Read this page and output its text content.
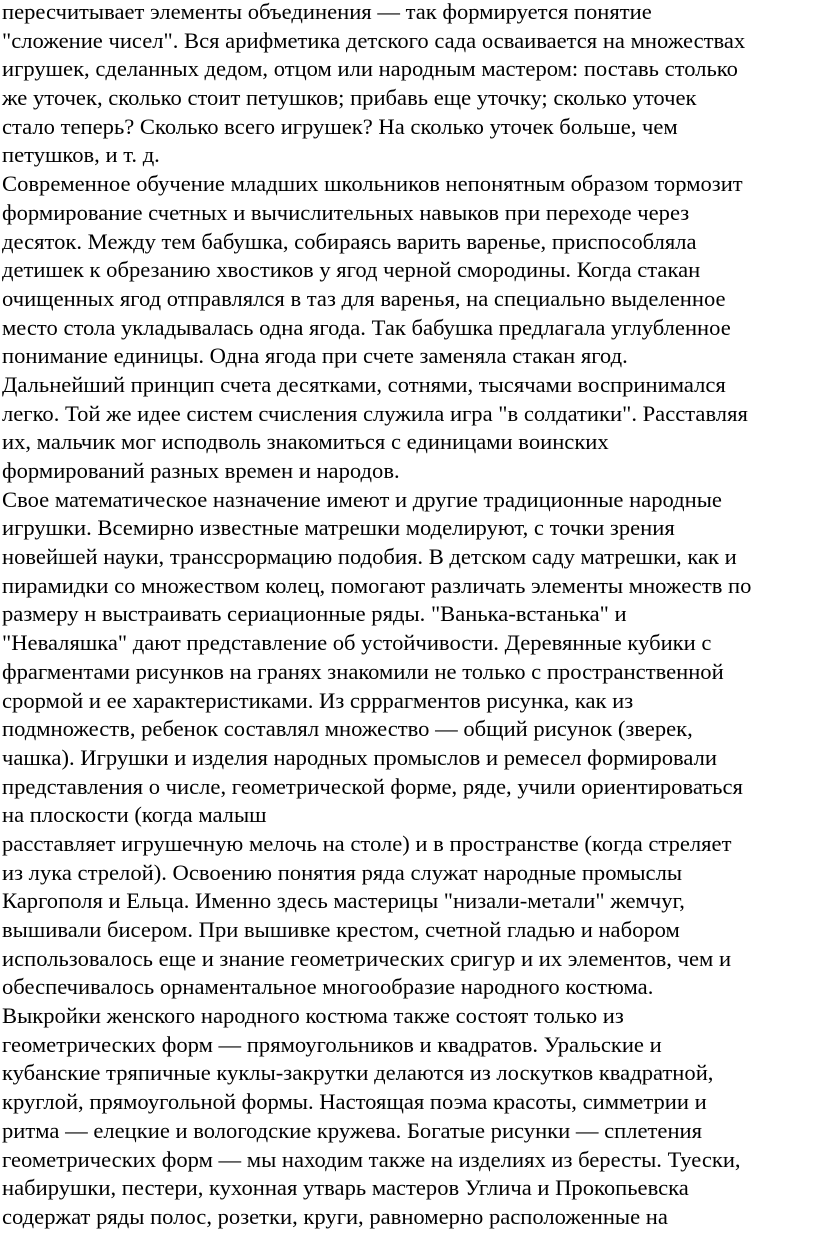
пересчитывает элементы объединения — так формируется понятие
"сложение чисел". Вся арифметика детского сада осваивается на множествах
игрушек, сделанных дедом, отцом или народным мастером: поставь столько
же уточек, сколько стоит петушков; прибавь еще уточку; сколько уточек
стало теперь? Сколько всего игрушек? На сколько уточек больше, чем
петушков, и т. д.
Современное обучение младших школьников непонятным образом тормозит
формирование счетных и вычислительных навыков при переходе через
десяток. Между тем бабушка, собираясь варить варенье, приспособляла
детишек к обрезанию хвостиков у ягод черной смородины. Когда стакан
очищенных ягод отправлялся в таз для варенья, на специально выделенное
место стола укладывалась одна ягода. Так бабушка предлагала углубленное
понимание единицы. Одна ягода при счете заменяла стакан ягод.
Дальнейший принцип счета десятками, сотнями, тысячами воспринимался
легко. Той же идее систем счисления служила игра "в солдатики". Расставляя
их, мальчик мог исподволь знакомиться с единицами воинских
формирований разных времен и народов.
Свое математическое назначение имеют и другие традиционные народные
игрушки. Всемирно известные матрешки моделируют, с точки зрения
новейшей науки, транссрормацию подобия. В детском саду матрешки, как и
пирамидки со множеством колец, помогают различать элементы множеств по
размеру н выстраивать сериационные ряды. "Ванька-встанька" и
"Неваляшка" дают представление об устойчивости. Деревянные кубики с
фрагментами рисунков на гранях знакомили не только с пространственной
срормой и ее характеристиками. Из срррагментов рисунка, как из
подмножеств, ребенок составлял множество — общий рисунок (зверек,
чашка). Игрушки и изделия народных промыслов и ремесел формировали
представления о числе, геометрической форме, ряде, учили ориентироваться
на плоскости (когда малыш
расставляет игрушечную мелочь на столе) и в пространстве (когда стреляет
из лука стрелой). Освоению понятия ряда служат народные промыслы
Каргополя и Ельца. Именно здесь мастерицы "низали-метали" жемчуг,
вышивали бисером. При вышивке крестом, счетной гладью и набором
использовалось еще и знание геометрических сригур и их элементов, чем и
обеспечивалось орнаментальное многообразие народного костюма.
Выкройки женского народного костюма также состоят только из
геометрических форм — прямоугольников и квадратов. Уральские и
кубанские тряпичные куклы-закрутки делаются из лоскутков квадратной,
круглой, прямоугольной формы. Настоящая поэма красоты, симметрии и
ритма — елецкие и вологодские кружева. Богатые рисунки — сплетения
геометрических форм — мы находим также на изделиях из бересты. Туески,
набирушки, пестери, кухонная утварь мастеров Углича и Прокопьевска
содержат ряды полос, розетки, круги, равномерно расположенные на
